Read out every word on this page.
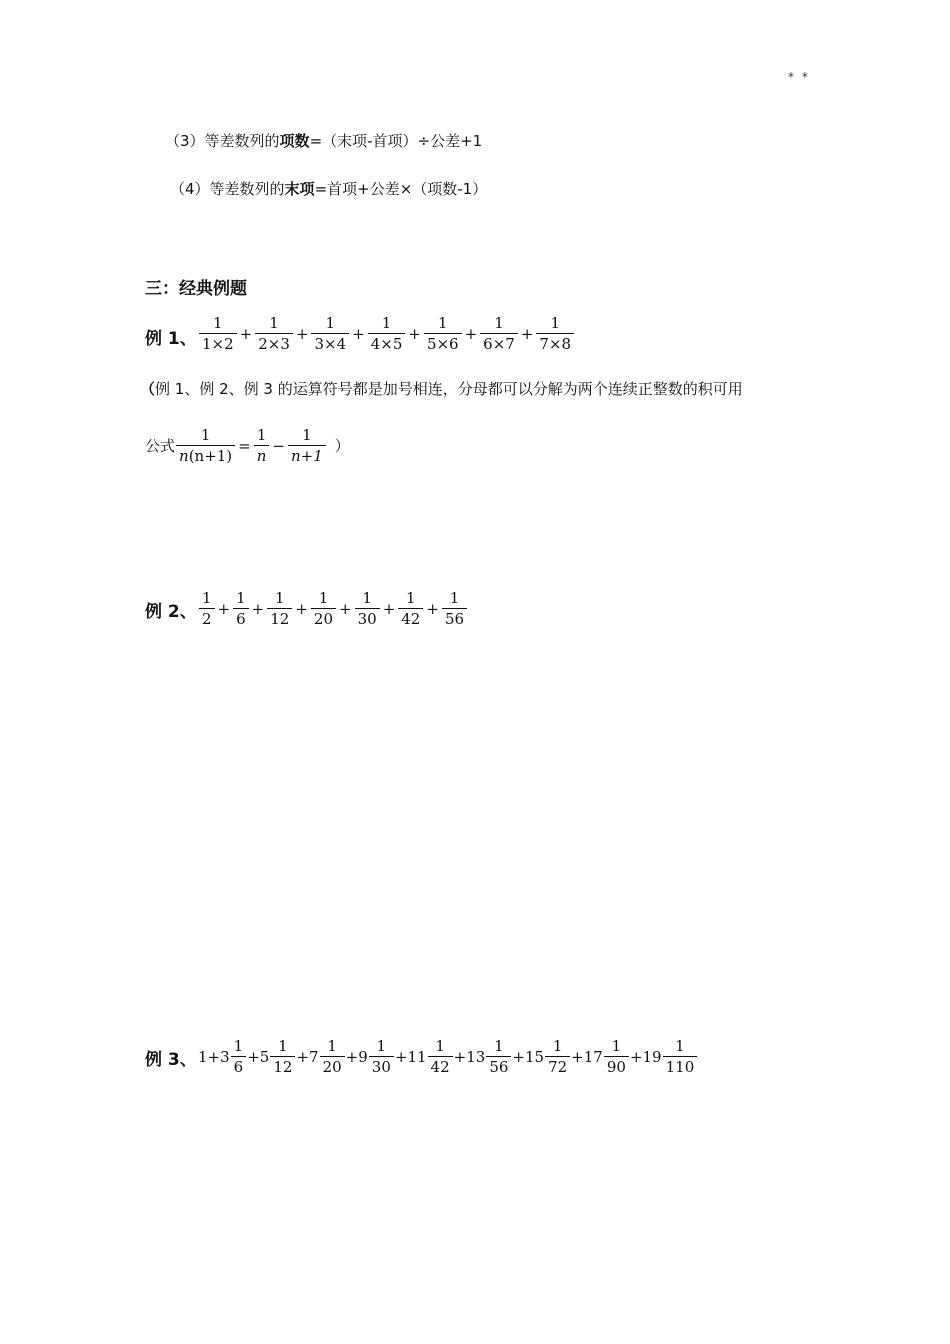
* *
（3）等差数列的项数=（末项-首项）÷公差+1
（4）等差数列的末项=首项+公差×（项数-1）
三：经典例题
例 1、 $\frac{1}{1\times 2} + \frac{1}{2\times 3} + \frac{1}{3\times 4} + \frac{1}{4\times 5} + \frac{1}{5\times 6} + \frac{1}{6\times 7} + \frac{1}{7\times 8}$
（例 1、例 2、例 3 的运算符号都是加号相连，分母都可以分解为两个连续正整数的积可用
公式 $\frac{1}{n(n+1)} = \frac{1}{n} - \frac{1}{n+1}$ ）
例 2、 $\frac{1}{2} + \frac{1}{6} + \frac{1}{12} + \frac{1}{20} + \frac{1}{30} + \frac{1}{42} + \frac{1}{56}$
例 3、 $1+ 3 \frac{1}{6} + 5 \frac{1}{12} + 7 \frac{1}{20} + 9 \frac{1}{30} + 11 \frac{1}{42} + 13 \frac{1}{56} + 15 \frac{1}{72} + 17 \frac{1}{90} + 19 \frac{1}{110}$
